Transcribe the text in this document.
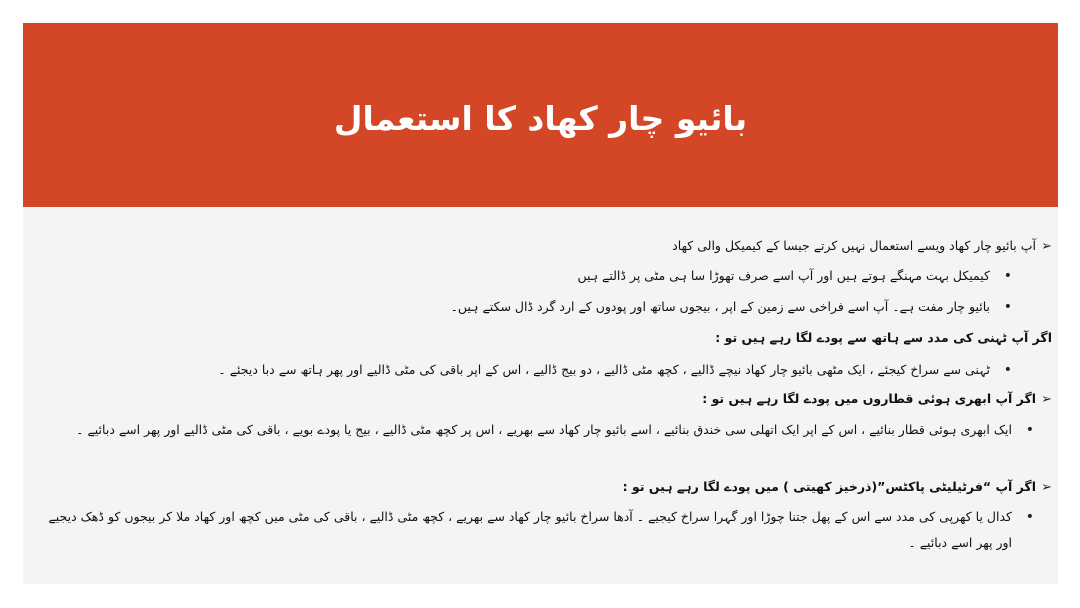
بائیو چار کھاد کا استعمال
➢آپ بائیو چار کھاد ویسے استعمال نہیں کرتے جیسا کے کیمیکل والی کھاد
•کیمیکل بہت مہنگے ہوتے ہیں اور آپ اسے صرف تھوڑا سا ہی مٹی پر ڈالتے ہیں
•بائیو چار مفت ہے۔ آپ اسے فراخی سے زمین کے اپر ، بیجوں ساتھ اور پودوں کے ارد گرد ڈال سکتے ہیں۔
اگر آپ ٹہنی کی مدد سے ہاتھ سے پودے لگا رہے ہیں تو :
•ٹہنی سے سراخ کیجئے ، ایک مٹھی بائیو چار کھاد نیچے ڈالیے ، کچھ مٹی ڈالیے ، دو بیج ڈالیے ، اس کے اپر باقی کی مٹی ڈالیے اور پھر ہاتھ سے دبا دیجئے ۔
➢اگر آپ ابھری ہوئی قطاروں میں پودے لگا رہے ہیں تو :
•
ایک ابھری ہوئی قطار بنائیے ، اس کے اپر ایک اتھلی سی خندق بنائیے ، اسے بائیو چار کھاد سے بھریے ، اس پر کچھ مٹی ڈالیے ، بیج یا پودے بویے ، باقی کی مٹی ڈالیے اور پھر اسے دبائیے ۔
➢اگر آپ “فرٹیلیٹی پاکٹس”(ذرخیز کھیتی ) میں پودے لگا رہے ہیں تو :
•
کدال یا کھرپی کی مدد سے اس کے پھل جتنا چوڑا اور گہرا سراخ کیجیے ۔ آدھا سراخ بائیو چار کھاد سے بھریے ، کچھ مٹی ڈالیے ، باقی کی مٹی میں کچھ اور کھاد ملا کر بیجوں کو ڈھک دیجیے اور پھر اسے دبائیے ۔
